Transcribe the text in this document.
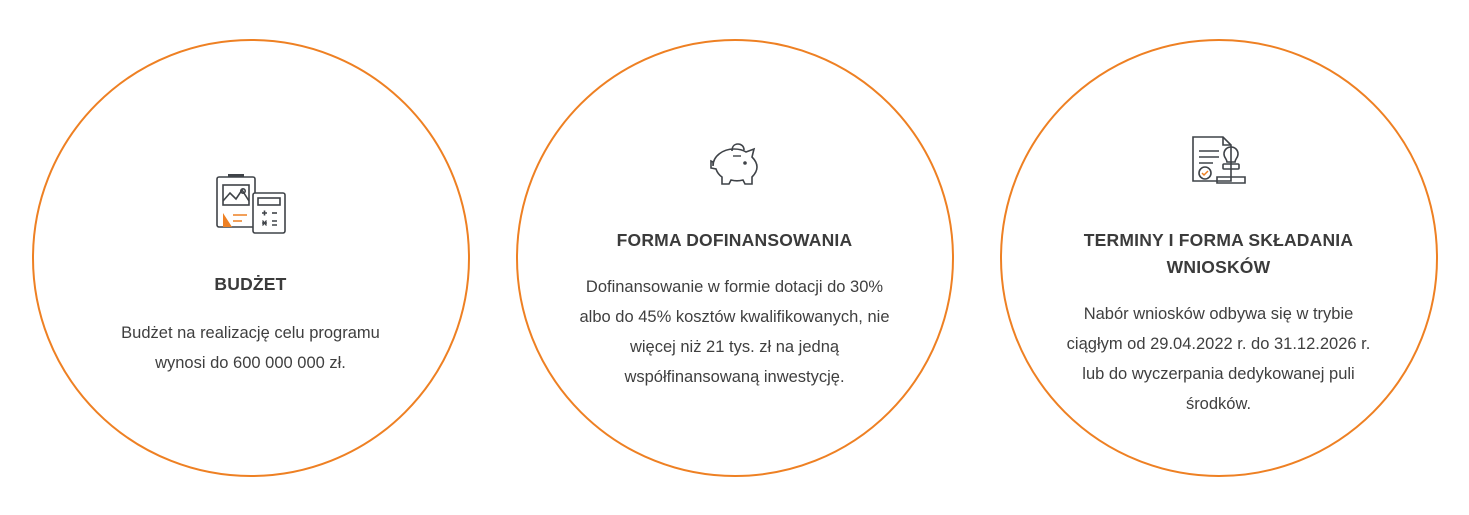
BUDŻET

Budżet na realizację celu programu wynosi do 600 000 000 zł.

FORMA DOFINANSOWANIA

Dofinansowanie w formie dotacji do 30% albo do 45% kosztów kwalifikowanych, nie więcej niż 21 tys. zł na jedną współfinansowaną inwestycję.

TERMINY I FORMA SKŁADANIA WNIOSKÓW

Nabór wniosków odbywa się w trybie ciągłym od 29.04.2022 r. do 31.12.2026 r. lub do wyczerpania dedykowanej puli środków.
